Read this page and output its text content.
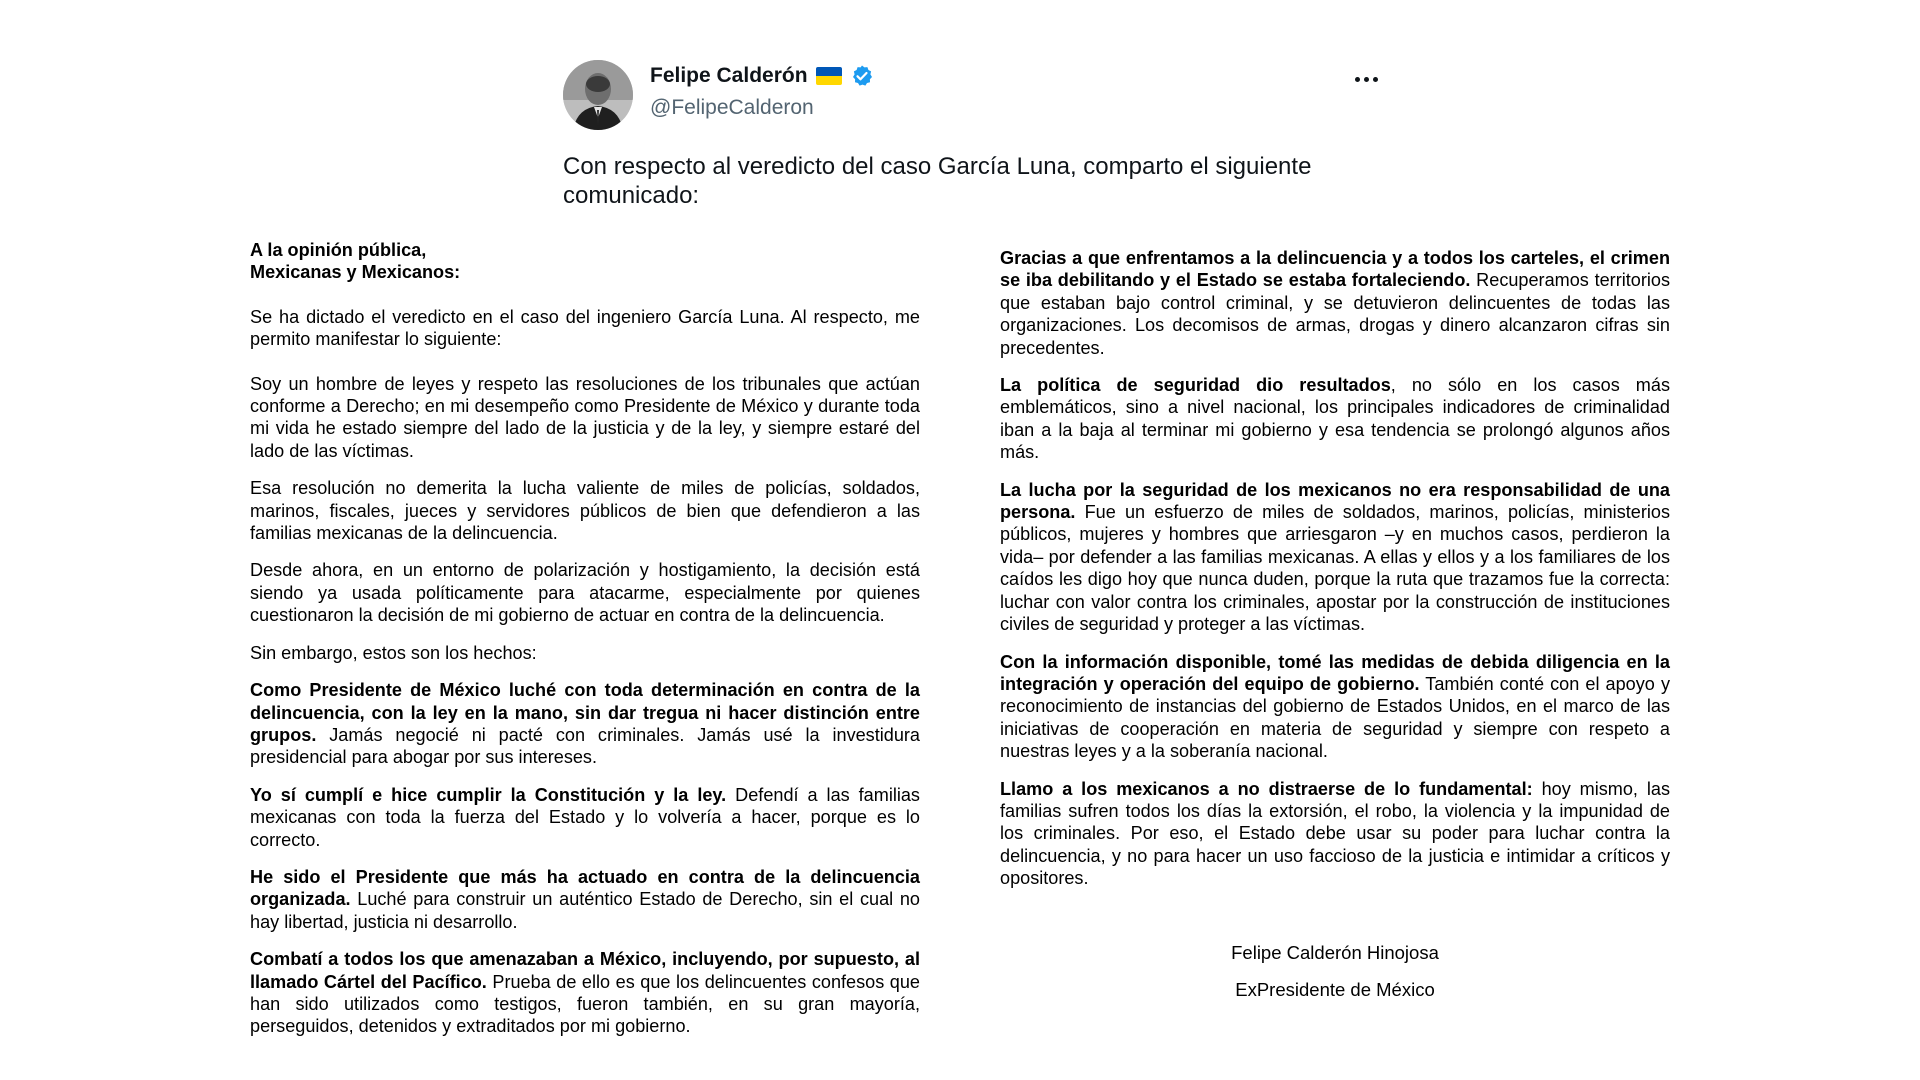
Felipe Calderón
@FelipeCalderon
Con respecto al veredicto del caso García Luna, comparto el siguiente comunicado:

A la opinión pública,

Mexicanas y Mexicanos:

Se ha dictado el veredicto en el caso del ingeniero García Luna. Al respecto, me permito manifestar lo siguiente:

Soy un hombre de leyes y respeto las resoluciones de los tribunales que actúan conforme a Derecho; en mi desempeño como Presidente de México y durante toda mi vida he estado siempre del lado de la justicia y de la ley, y siempre estaré del lado de las víctimas.

Esa resolución no demerita la lucha valiente de miles de policías, soldados, marinos, fiscales, jueces y servidores públicos de bien que defendieron a las familias mexicanas de la delincuencia.

Desde ahora, en un entorno de polarización y hostigamiento, la decisión está siendo ya usada políticamente para atacarme, especialmente por quienes cuestionaron la decisión de mi gobierno de actuar en contra de la delincuencia.

Sin embargo, estos son los hechos:

Como Presidente de México luché con toda determinación en contra de la delincuencia, con la ley en la mano, sin dar tregua ni hacer distinción entre grupos. Jamás negocié ni pacté con criminales. Jamás usé la investidura presidencial para abogar por sus intereses.

Yo sí cumplí e hice cumplir la Constitución y la ley. Defendí a las familias mexicanas con toda la fuerza del Estado y lo volvería a hacer, porque es lo correcto.

He sido el Presidente que más ha actuado en contra de la delincuencia organizada. Luché para construir un auténtico Estado de Derecho, sin el cual no hay libertad, justicia ni desarrollo.

Combatí a todos los que amenazaban a México, incluyendo, por supuesto, al llamado Cártel del Pacífico. Prueba de ello es que los delincuentes confesos que han sido utilizados como testigos, fueron también, en su gran mayoría, perseguidos, detenidos y extraditados por mi gobierno.

Gracias a que enfrentamos a la delincuencia y a todos los carteles, el crimen se iba debilitando y el Estado se estaba fortaleciendo. Recuperamos territorios que estaban bajo control criminal, y se detuvieron delincuentes de todas las organizaciones. Los decomisos de armas, drogas y dinero alcanzaron cifras sin precedentes.

La política de seguridad dio resultados, no sólo en los casos más emblemáticos, sino a nivel nacional, los principales indicadores de criminalidad iban a la baja al terminar mi gobierno y esa tendencia se prolongó algunos años más.

La lucha por la seguridad de los mexicanos no era responsabilidad de una persona. Fue un esfuerzo de miles de soldados, marinos, policías, ministerios públicos, mujeres y hombres que arriesgaron –y en muchos casos, perdieron la vida– por defender a las familias mexicanas. A ellas y ellos y a los familiares de los caídos les digo hoy que nunca duden, porque la ruta que trazamos fue la correcta: luchar con valor contra los criminales, apostar por la construcción de instituciones civiles de seguridad y proteger a las víctimas.

Con la información disponible, tomé las medidas de debida diligencia en la integración y operación del equipo de gobierno. También conté con el apoyo y reconocimiento de instancias del gobierno de Estados Unidos, en el marco de las iniciativas de cooperación en materia de seguridad y siempre con respeto a nuestras leyes y a la soberanía nacional.

Llamo a los mexicanos a no distraerse de lo fundamental: hoy mismo, las familias sufren todos los días la extorsión, el robo, la violencia y la impunidad de los criminales. Por eso, el Estado debe usar su poder para luchar contra la delincuencia, y no para hacer un uso faccioso de la justicia e intimidar a críticos y opositores.

Felipe Calderón Hinojosa
ExPresidente de México
